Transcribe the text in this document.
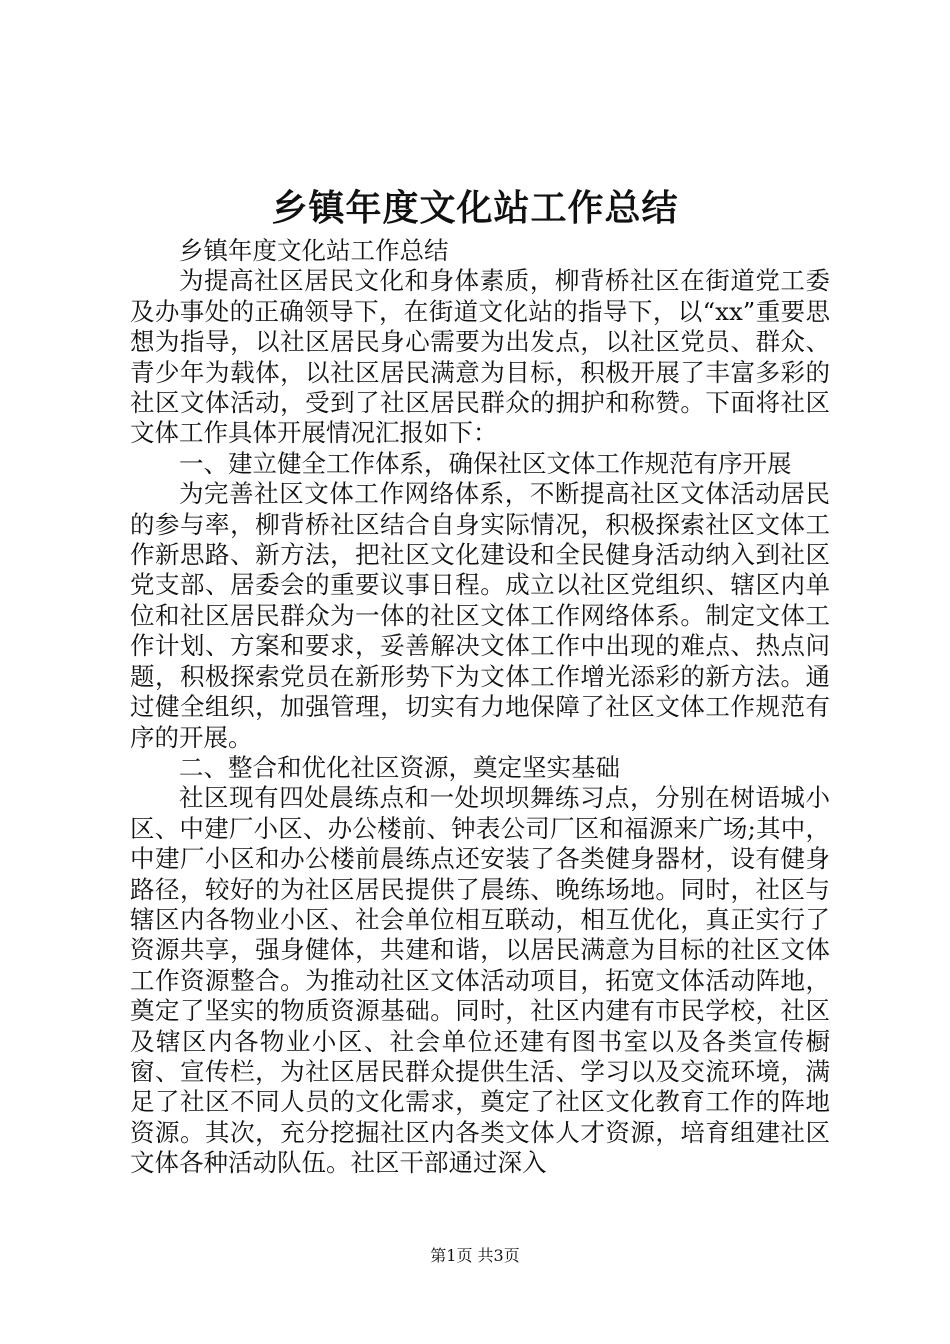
乡镇年度文化站工作总结

乡镇年度文化站工作总结

为提高社区居民文化和身体素质，柳背桥社区在街道党工委及办事处的正确领导下，在街道文化站的指导下，以“xx”重要思想为指导，以社区居民身心需要为出发点，以社区党员、群众、青少年为载体，以社区居民满意为目标，积极开展了丰富多彩的社区文体活动，受到了社区居民群众的拥护和称赞。下面将社区文体工作具体开展情况汇报如下：

一、建立健全工作体系，确保社区文体工作规范有序开展

为完善社区文体工作网络体系，不断提高社区文体活动居民的参与率，柳背桥社区结合自身实际情况，积极探索社区文体工作新思路、新方法，把社区文化建设和全民健身活动纳入到社区党支部、居委会的重要议事日程。成立以社区党组织、辖区内单位和社区居民群众为一体的社区文体工作网络体系。制定文体工作计划、方案和要求，妥善解决文体工作中出现的难点、热点问题，积极探索党员在新形势下为文体工作增光添彩的新方法。通过健全组织，加强管理，切实有力地保障了社区文体工作规范有序的开展。

二、整合和优化社区资源，奠定坚实基础

社区现有四处晨练点和一处坝坝舞练习点，分别在树语城小区、中建厂小区、办公楼前、钟表公司厂区和福源来广场;其中，中建厂小区和办公楼前晨练点还安装了各类健身器材，设有健身路径，较好的为社区居民提供了晨练、晚练场地。同时，社区与辖区内各物业小区、社会单位相互联动，相互优化，真正实行了资源共享，强身健体，共建和谐，以居民满意为目标的社区文体工作资源整合。为推动社区文体活动项目，拓宽文体活动阵地，奠定了坚实的物质资源基础。同时，社区内建有市民学校，社区及辖区内各物业小区、社会单位还建有图书室以及各类宣传橱窗、宣传栏，为社区居民群众提供生活、学习以及交流环境，满足了社区不同人员的文化需求，奠定了社区文化教育工作的阵地资源。其次，充分挖掘社区内各类文体人才资源，培育组建社区文体各种活动队伍。社区干部通过深入

第1页 共3页
